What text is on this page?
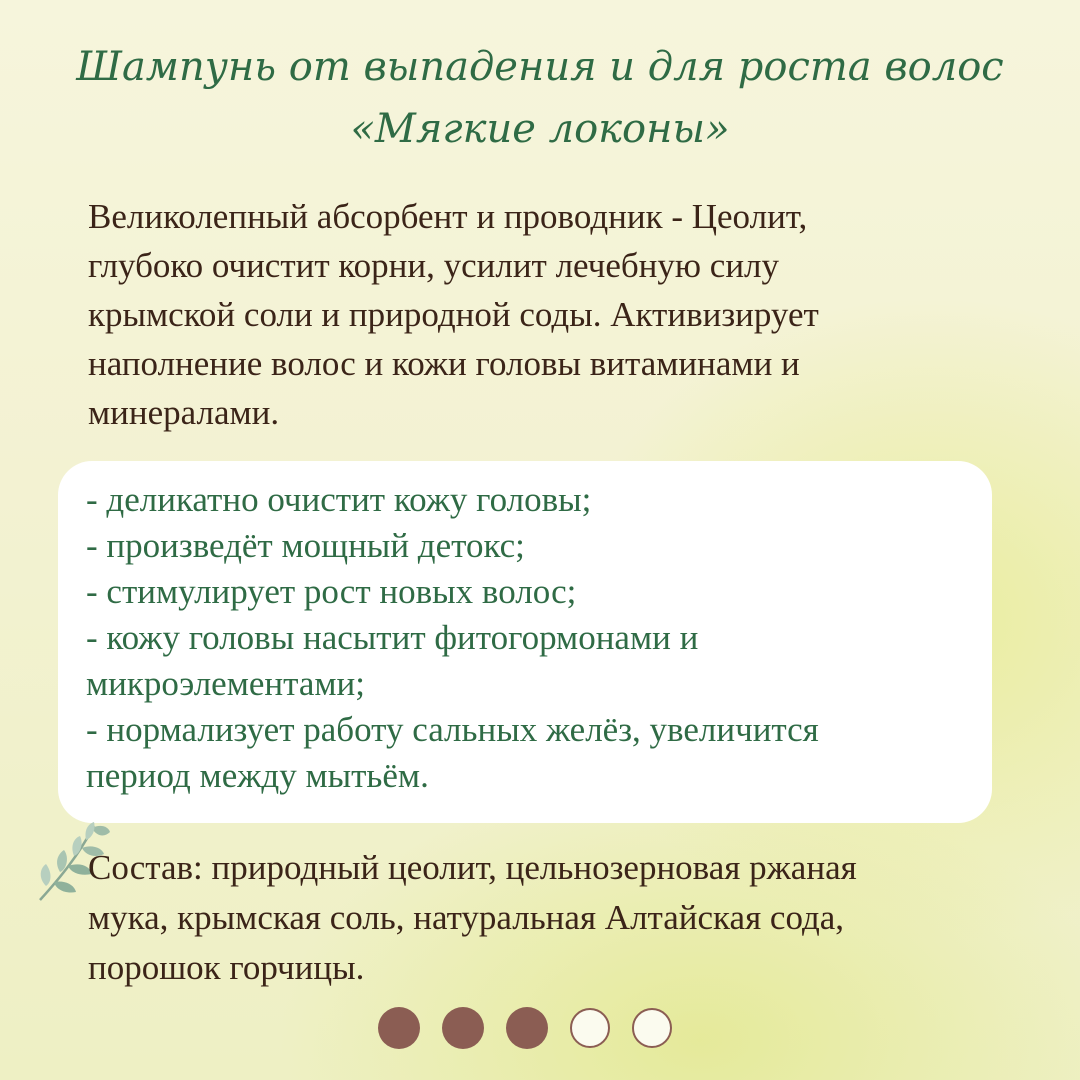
Шампунь от выпадения и для роста волос
«Мягкие локоны»
Великолепный абсорбент и проводник - Цеолит,
глубоко очистит корни, усилит лечебную силу
крымской соли и природной соды. Активизирует
наполнение волос и кожи головы витаминами и
минералами.
- деликатно очистит кожу головы;
- произведёт мощный детокс;
- стимулирует рост новых волос;
- кожу головы насытит фитогормонами и
микроэлементами;
- нормализует работу сальных желёз, увеличится
период между мытьём.
Состав: природный цеолит, цельнозерновая ржаная
мука, крымская соль, натуральная Алтайская сода,
порошок горчицы.
